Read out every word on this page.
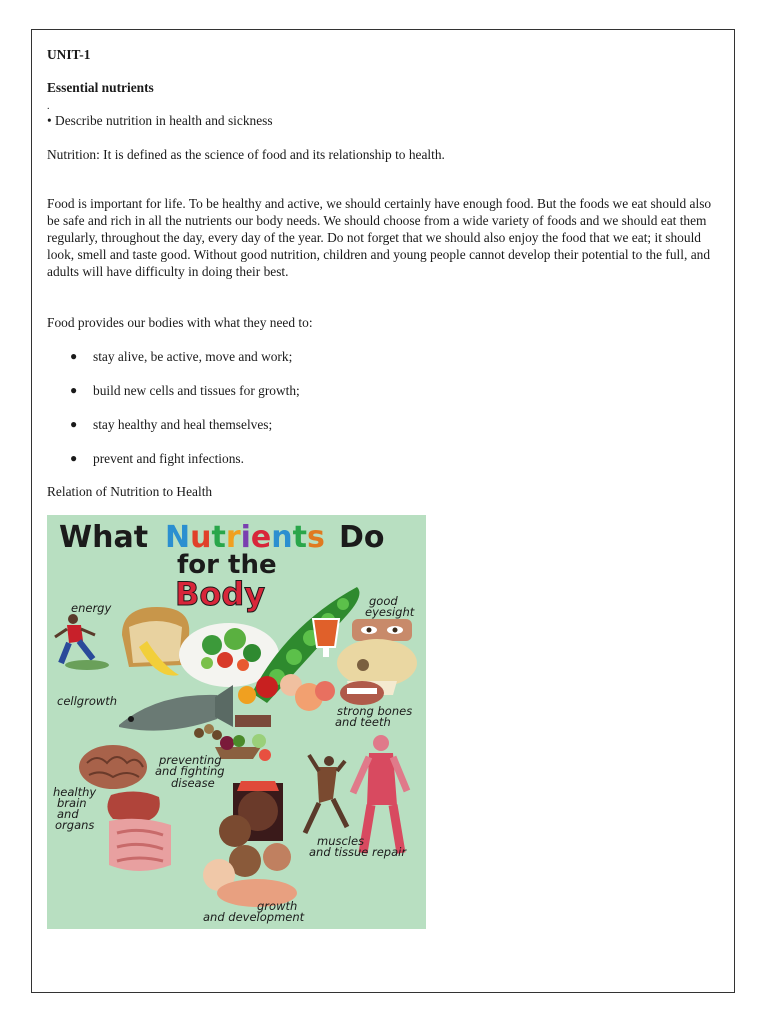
UNIT-1
Essential nutrients
.
• Describe nutrition in health and sickness
Nutrition: It is defined as the science of food and its relationship to health.
Food is important for life. To be healthy and active, we should certainly have enough food. But the foods we eat should also be safe and rich in all the nutrients our body needs. We should choose from a wide variety of foods and we should eat them regularly, throughout the day, every day of the year. Do not forget that we should also enjoy the food that we eat; it should look, smell and taste good. Without good nutrition, children and young people cannot develop their potential to the full, and adults will have difficulty in doing their best.
Food provides our bodies with what they need to:
● stay alive, be active, move and work;
● build new cells and tissues for growth;
● stay healthy and heal themselves;
● prevent and fight infections.
Relation of Nutrition to Health
What Nutrients Do
for the
Body
energy	good
eyesight
cellgrowth
strong bones
and teeth
preventing
and fighting
disease
healthy
brain
and
organs
muscles
and tissue repair
growth
and development
